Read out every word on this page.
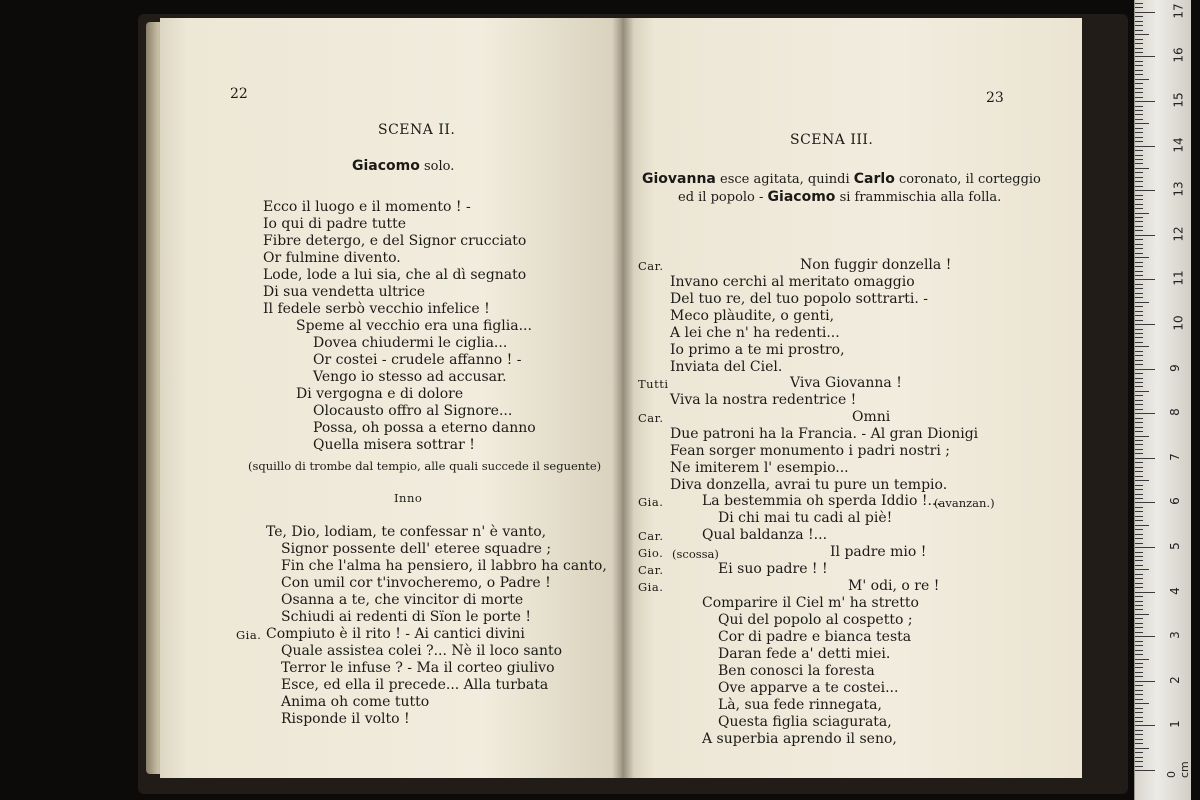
22
SCENA II.
Giacomo solo.
Ecco il luogo e il momento ! -
Io qui di padre tutte
Fibre detergo, e del Signor crucciato
Or fulmine divento.
Lode, lode a lui sia, che al dì segnato
Di sua vendetta ultrice
Il fedele serbò vecchio infelice !
Speme al vecchio era una figlia...
Dovea chiudermi le ciglia...
Or costei - crudele affanno ! -
Vengo io stesso ad accusar.
Di vergogna e di dolore
Olocausto offro al Signore...
Possa, oh possa a eterno danno
Quella misera sottrar !
(squillo di trombe dal tempio, alle quali succede il seguente)
Inno
Te, Dio, lodiam, te confessar n' è vanto,
Signor possente dell' eteree squadre ;
Fin che l'alma ha pensiero, il labbro ha canto,
Con umil cor t'invocheremo, o Padre !
Osanna a te, che vincitor di morte
Schiudi ai redenti di Sïon le porte !
Gia. Compiuto è il rito ! - Ai cantici divini
Quale assistea colei ?... Nè il loco santo
Terror le infuse ? - Ma il corteo giulivo
Esce, ed ella il precede... Alla turbata
Anima oh come tutto
Risponde il volto !
23
SCENA III.
Giovanna esce agitata, quindi Carlo coronato, il corteggio
ed il popolo - Giacomo si frammischia alla folla.
Car.	Non fuggir donzella !
Invano cerchi al meritato omaggio
Del tuo re, del tuo popolo sottrarti. -
Meco plàudite, o genti,
A lei che n' ha redenti...
Io primo a te mi prostro,
Inviata del Ciel.
Tutti	Viva Giovanna !
Viva la nostra redentrice !
Car.	Omni
Due patroni ha la Francia. - Al gran Dionigi
Fean sorger monumento i padri nostri ;
Ne imiterem l' esempio...
Diva donzella, avrai tu pure un tempio.
Gia.	La bestemmia oh sperda Iddio !...
(avanzan.)
Di chi mai tu cadi al piè!
Car.	Qual baldanza !...
Gio. (scossa)	Il padre mio !
Car.	Ei suo padre ! !
Gia.	M' odi, o re !
Comparire il Ciel m' ha stretto
Qui del popolo al cospetto ;
Cor di padre e bianca testa
Daran fede a' detti miei.
Ben conosci la foresta
Ove apparve a te costei...
Là, sua fede rinnegata,
Questa figlia sciagurata,
A superbia aprendo il seno,
0 cm
1
2
3
4
5
6
7
8
9
10
11
12
13
14
15
16
17
